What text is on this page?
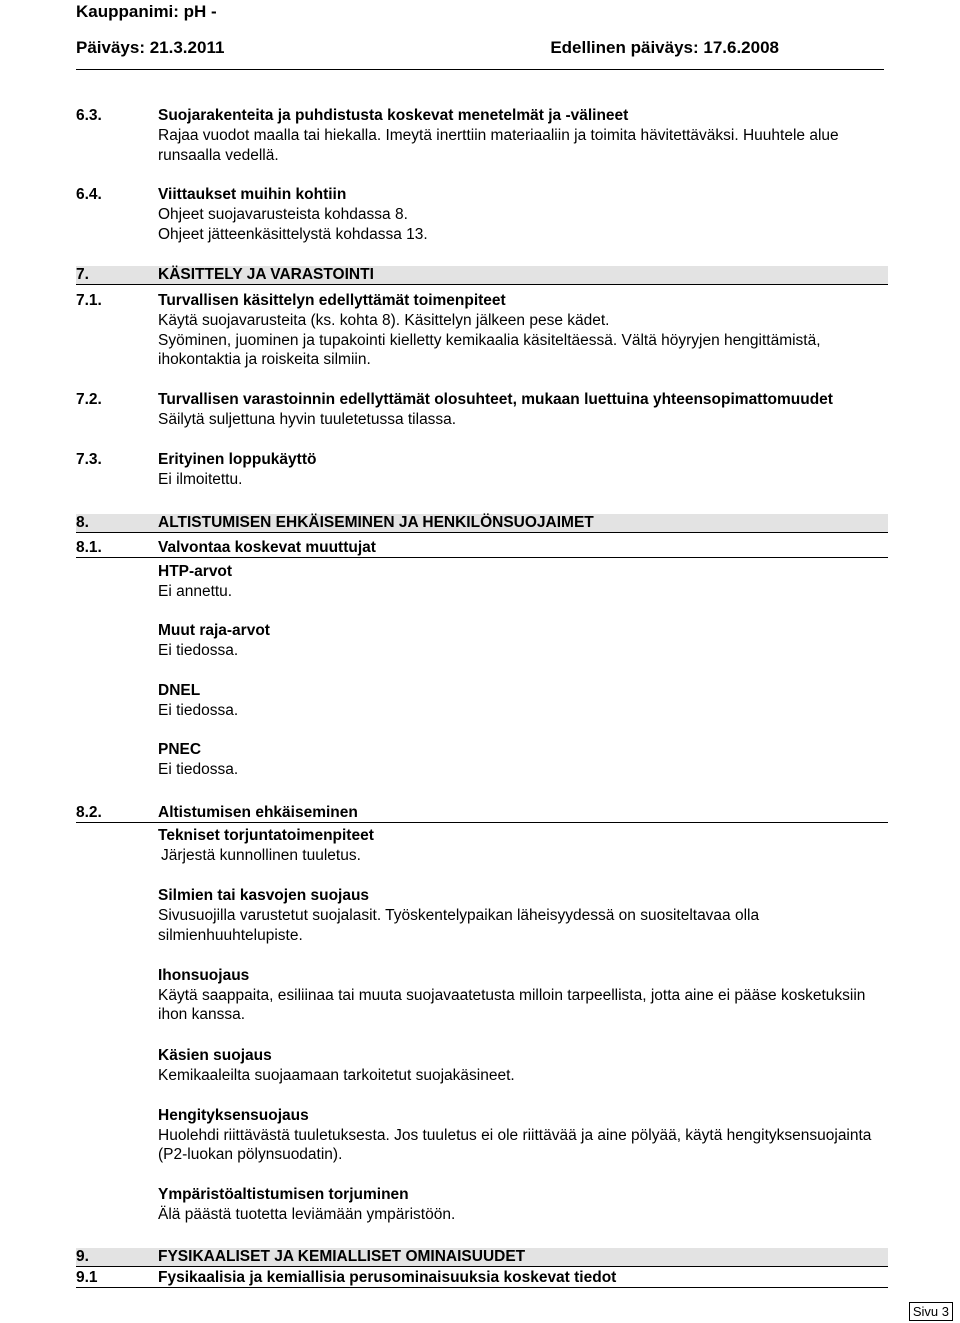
Kauppanimi: pH -
Päiväys: 21.3.2011	Edellinen päiväys: 17.6.2008
6.3.	Suojarakenteita ja puhdistusta koskevat menetelmät ja -välineet
Rajaa vuodot maalla tai hiekalla. Imeytä inerttiin materiaaliin ja toimita hävitettäväksi. Huuhtele alue
runsaalla vedellä.
6.4.	Viittaukset muihin kohtiin
Ohjeet suojavarusteista kohdassa 8.
Ohjeet jätteenkäsittelystä kohdassa 13.
7.	KÄSITTELY JA VARASTOINTI
7.1.	Turvallisen käsittelyn edellyttämät toimenpiteet
Käytä suojavarusteita (ks. kohta 8). Käsittelyn jälkeen pese kädet.
Syöminen, juominen ja tupakointi kielletty kemikaalia käsiteltäessä. Vältä höyryjen hengittämistä,
ihokontaktia ja roiskeita silmiin.
7.2.	Turvallisen varastoinnin edellyttämät olosuhteet, mukaan luettuina yhteensopimattomuudet
Säilytä suljettuna hyvin tuuletetussa tilassa.
7.3.	Erityinen loppukäyttö
Ei ilmoitettu.
8.	ALTISTUMISEN EHKÄISEMINEN JA HENKILÖNSUOJAIMET
8.1.	Valvontaa koskevat muuttujat
HTP-arvot
Ei annettu.
Muut raja-arvot
Ei tiedossa.
DNEL
Ei tiedossa.
PNEC
Ei tiedossa.
8.2.	Altistumisen ehkäiseminen
Tekniset torjuntatoimenpiteet
Järjestä kunnollinen tuuletus.
Silmien tai kasvojen suojaus
Sivusuojilla varustetut suojalasit. Työskentelypaikan läheisyydessä on suositeltavaa olla
silmienhuuhtelupiste.
Ihonsuojaus
Käytä saappaita, esiliinaa tai muuta suojavaatetusta milloin tarpeellista, jotta aine ei pääse kosketuksiin
ihon kanssa.
Käsien suojaus
Kemikaaleilta suojaamaan tarkoitetut suojakäsineet.
Hengityksensuojaus
Huolehdi riittävästä tuuletuksesta. Jos tuuletus ei ole riittävää ja aine pölyää, käytä hengityksensuojainta
(P2-luokan pölynsuodatin).
Ympäristöaltistumisen torjuminen
Älä päästä tuotetta leviämään ympäristöön.
9.	FYSIKAALISET JA KEMIALLISET OMINAISUUDET
9.1	Fysikaalisia ja kemiallisia perusominaisuuksia koskevat tiedot
Sivu 3
